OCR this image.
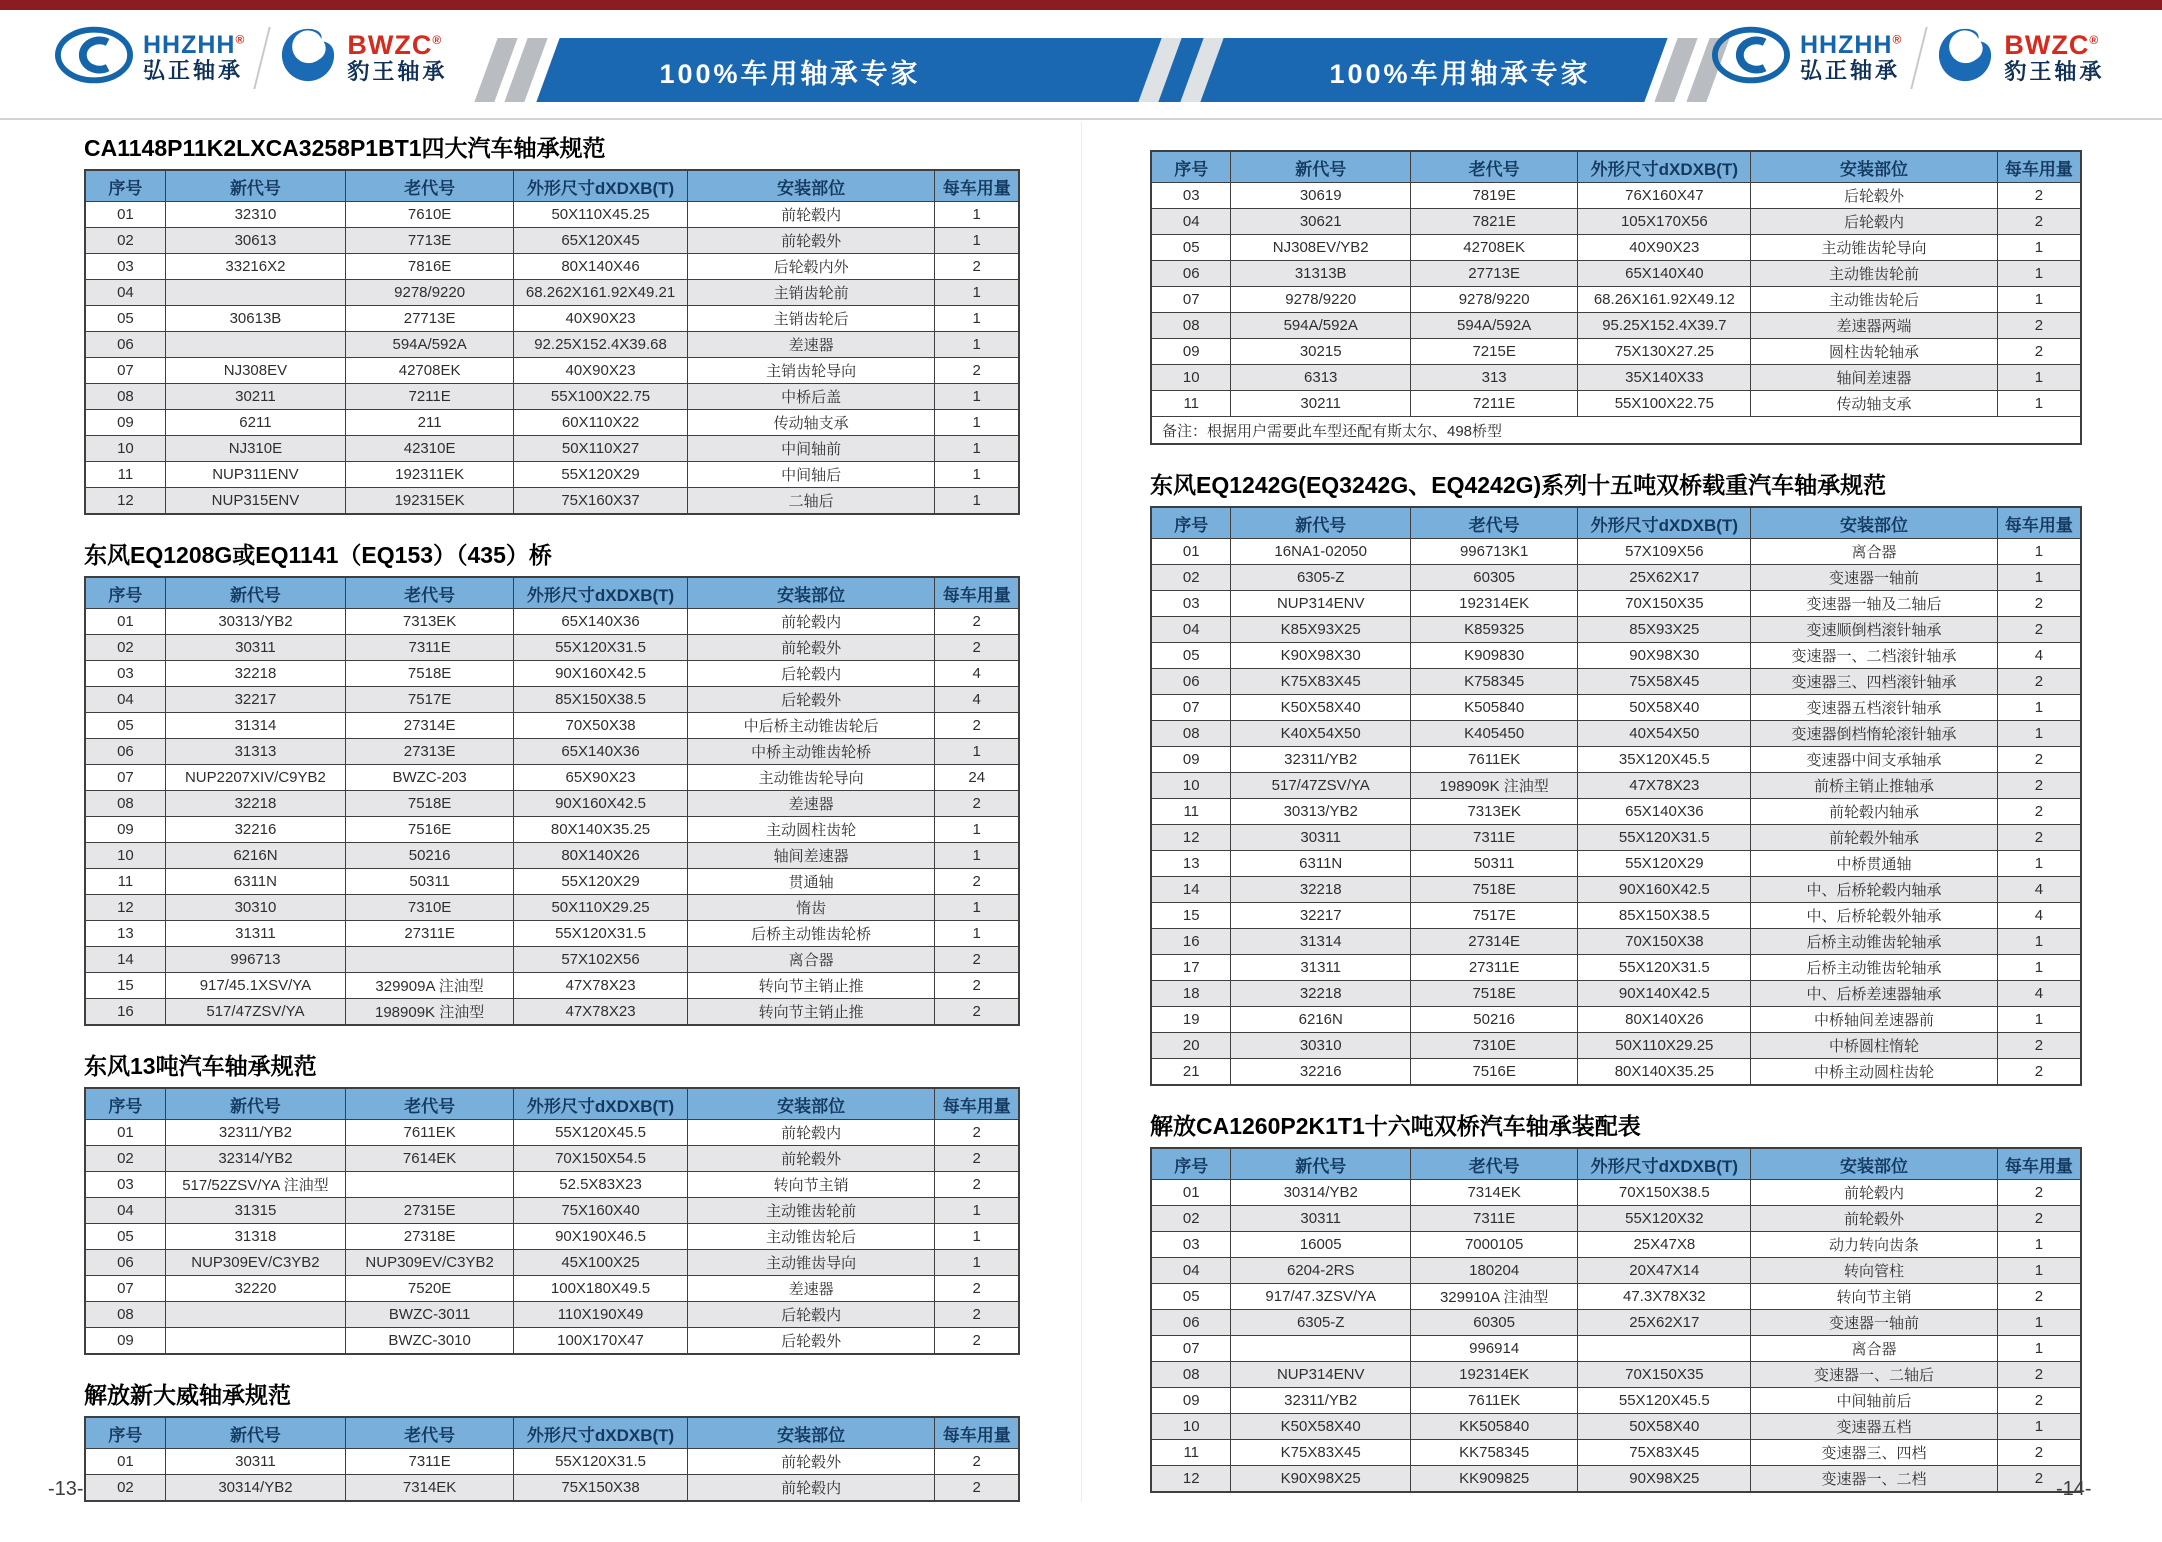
HHZHH®
弘正轴承
BWZC®
豹王轴承	100%车用轴承专家	100%车用轴承专家
HHZHH®
弘正轴承
BWZC®
豹王轴承
CA1148P11K2LXCA3258P1BT1四大汽车轴承规范
序号	新代号	老代号	外形尺寸dXDXB(T)	安装部位	每车用量
01	32310	7610E	50X110X45.25	前轮毂内	1
02	30613	7713E	65X120X45	前轮毂外	1
03	33216X2	7816E	80X140X46	后轮毂内外	2
04		9278/9220	68.262X161.92X49.21	主销齿轮前	1
05	30613B	27713E	40X90X23	主销齿轮后	1
06		594A/592A	92.25X152.4X39.68	差速器	1
07	NJ308EV	42708EK	40X90X23	主销齿轮导向	2
08	30211	7211E	55X100X22.75	中桥后盖	1
09	6211	211	60X110X22	传动轴支承	1
10	NJ310E	42310E	50X110X27	中间轴前	1
11	NUP311ENV	192311EK	55X120X29	中间轴后	1
12	NUP315ENV	192315EK	75X160X37	二轴后	1
东风EQ1208G或EQ1141（EQ153）（435）桥
序号	新代号	老代号	外形尺寸dXDXB(T)	安装部位	每车用量
01	30313/YB2	7313EK	65X140X36	前轮毂内	2
02	30311	7311E	55X120X31.5	前轮毂外	2
03	32218	7518E	90X160X42.5	后轮毂内	4
04	32217	7517E	85X150X38.5	后轮毂外	4
05	31314	27314E	70X50X38	中后桥主动锥齿轮后	2
06	31313	27313E	65X140X36	中桥主动锥齿轮桥	1
07	NUP2207XIV/C9YB2	BWZC-203	65X90X23	主动锥齿轮导向	24
08	32218	7518E	90X160X42.5	差速器	2
09	32216	7516E	80X140X35.25	主动圆柱齿轮	1
10	6216N	50216	80X140X26	轴间差速器	1
11	6311N	50311	55X120X29	贯通轴	2
12	30310	7310E	50X110X29.25	惰齿	1
13	31311	27311E	55X120X31.5	后桥主动锥齿轮桥	1
14	996713		57X102X56	离合器	2
15	917/45.1XSV/YA	329909A 注油型	47X78X23	转向节主销止推	2
16	517/47ZSV/YA	198909K 注油型	47X78X23	转向节主销止推	2
东风13吨汽车轴承规范
序号	新代号	老代号	外形尺寸dXDXB(T)	安装部位	每车用量
01	32311/YB2	7611EK	55X120X45.5	前轮毂内	2
02	32314/YB2	7614EK	70X150X54.5	前轮毂外	2
03	517/52ZSV/YA 注油型		52.5X83X23	转向节主销	2
04	31315	27315E	75X160X40	主动锥齿轮前	1
05	31318	27318E	90X190X46.5	主动锥齿轮后	1
06	NUP309EV/C3YB2	NUP309EV/C3YB2	45X100X25	主动锥齿导向	1
07	32220	7520E	100X180X49.5	差速器	2
08		BWZC-3011	110X190X49	后轮毂内	2
09		BWZC-3010	100X170X47	后轮毂外	2
解放新大威轴承规范
序号	新代号	老代号	外形尺寸dXDXB(T)	安装部位	每车用量
01	30311	7311E	55X120X31.5	前轮毂外	2
02	30314/YB2	7314EK	75X150X38	前轮毂内	2
序号	新代号	老代号	外形尺寸dXDXB(T)	安装部位	每车用量
03	30619	7819E	76X160X47	后轮毂外	2
04	30621	7821E	105X170X56	后轮毂内	2
05	NJ308EV/YB2	42708EK	40X90X23	主动锥齿轮导向	1
06	31313B	27713E	65X140X40	主动锥齿轮前	1
07	9278/9220	9278/9220	68.26X161.92X49.12	主动锥齿轮后	1
08	594A/592A	594A/592A	95.25X152.4X39.7	差速器两端	2
09	30215	7215E	75X130X27.25	圆柱齿轮轴承	2
10	6313	313	35X140X33	轴间差速器	1
11	30211	7211E	55X100X22.75	传动轴支承	1
备注：根据用户需要此车型还配有斯太尔、498桥型					
东风EQ1242G(EQ3242G、EQ4242G)系列十五吨双桥载重汽车轴承规范
序号	新代号	老代号	外形尺寸dXDXB(T)	安装部位	每车用量
01	16NA1-02050	996713K1	57X109X56	离合器	1
02	6305-Z	60305	25X62X17	变速器一轴前	1
03	NUP314ENV	192314EK	70X150X35	变速器一轴及二轴后	2
04	K85X93X25	K859325	85X93X25	变速顺倒档滚针轴承	2
05	K90X98X30	K909830	90X98X30	变速器一、二档滚针轴承	4
06	K75X83X45	K758345	75X58X45	变速器三、四档滚针轴承	2
07	K50X58X40	K505840	50X58X40	变速器五档滚针轴承	1
08	K40X54X50	K405450	40X54X50	变速器倒档惰轮滚针轴承	1
09	32311/YB2	7611EK	35X120X45.5	变速器中间支承轴承	2
10	517/47ZSV/YA	198909K 注油型	47X78X23	前桥主销止推轴承	2
11	30313/YB2	7313EK	65X140X36	前轮毂内轴承	2
12	30311	7311E	55X120X31.5	前轮毂外轴承	2
13	6311N	50311	55X120X29	中桥贯通轴	1
14	32218	7518E	90X160X42.5	中、后桥轮毂内轴承	4
15	32217	7517E	85X150X38.5	中、后桥轮毂外轴承	4
16	31314	27314E	70X150X38	后桥主动锥齿轮轴承	1
17	31311	27311E	55X120X31.5	后桥主动锥齿轮轴承	1
18	32218	7518E	90X140X42.5	中、后桥差速器轴承	4
19	6216N	50216	80X140X26	中桥轴间差速器前	1
20	30310	7310E	50X110X29.25	中桥圆柱惰轮	2
21	32216	7516E	80X140X35.25	中桥主动圆柱齿轮	2
解放CA1260P2K1T1十六吨双桥汽车轴承装配表
序号	新代号	老代号	外形尺寸dXDXB(T)	安装部位	每车用量
01	30314/YB2	7314EK	70X150X38.5	前轮毂内	2
02	30311	7311E	55X120X32	前轮毂外	2
03	16005	7000105	25X47X8	动力转向齿条	1
04	6204-2RS	180204	20X47X14	转向管柱	1
05	917/47.3ZSV/YA	329910A 注油型	47.3X78X32	转向节主销	2
06	6305-Z	60305	25X62X17	变速器一轴前	1
07		996914		离合器	1
08	NUP314ENV	192314EK	70X150X35	变速器一、二轴后	2
09	32311/YB2	7611EK	55X120X45.5	中间轴前后	2
10	K50X58X40	KK505840	50X58X40	变速器五档	1
11	K75X83X45	KK758345	75X83X45	变速器三、四档	2
12	K90X98X25	KK909825	90X98X25	变速器一、二档	2
-13-	-14-
